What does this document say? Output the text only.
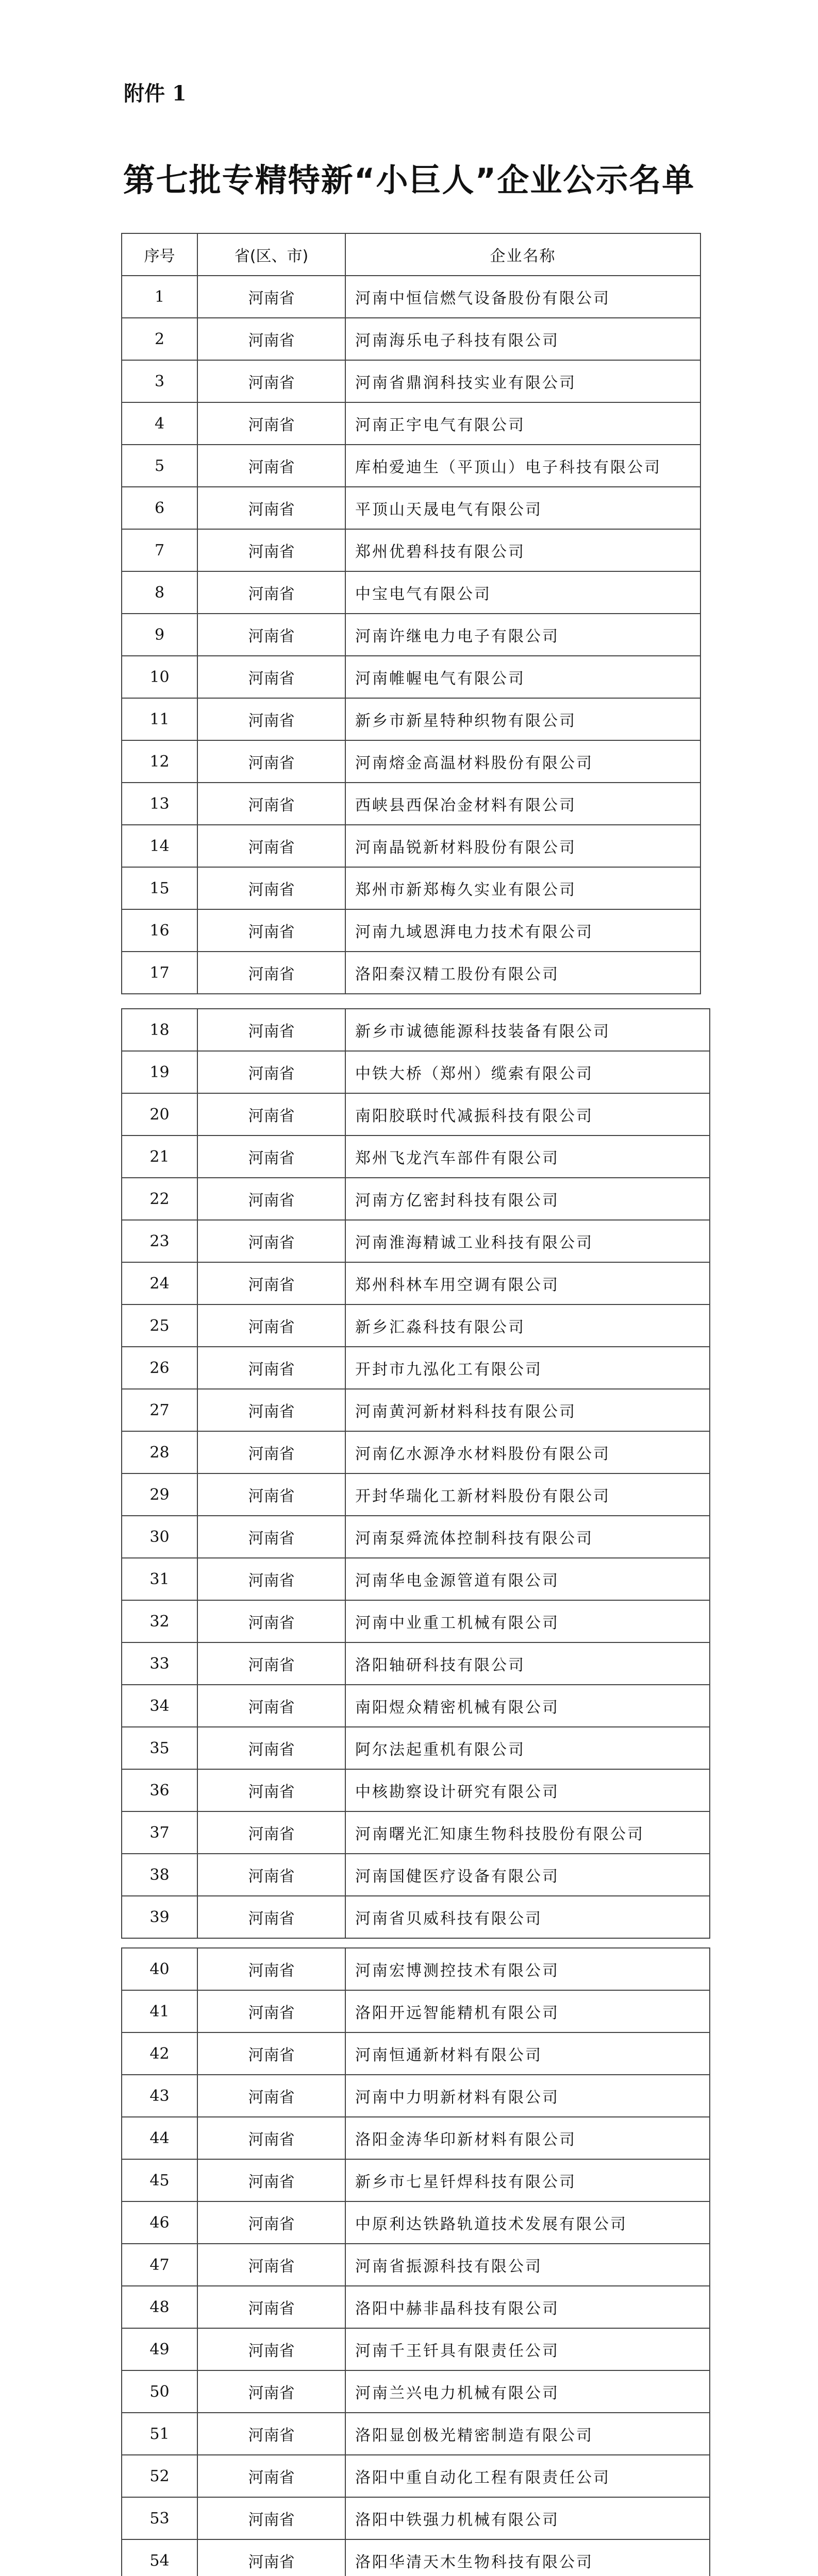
附件 1
第七批专精特新“小巨人”企业公示名单
序号	省(区、市)	企业名称
1	河南省	河南中恒信燃气设备股份有限公司
2	河南省	河南海乐电子科技有限公司
3	河南省	河南省鼎润科技实业有限公司
4	河南省	河南正宇电气有限公司
5	河南省	库柏爱迪生（平顶山）电子科技有限公司
6	河南省	平顶山天晟电气有限公司
7	河南省	郑州优碧科技有限公司
8	河南省	中宝电气有限公司
9	河南省	河南许继电力电子有限公司
10	河南省	河南帷幄电气有限公司
11	河南省	新乡市新星特种织物有限公司
12	河南省	河南熔金高温材料股份有限公司
13	河南省	西峡县西保冶金材料有限公司
14	河南省	河南晶锐新材料股份有限公司
15	河南省	郑州市新郑梅久实业有限公司
16	河南省	河南九域恩湃电力技术有限公司
17	河南省	洛阳秦汉精工股份有限公司
18	河南省	新乡市诚德能源科技装备有限公司
19	河南省	中铁大桥（郑州）缆索有限公司
20	河南省	南阳胶联时代减振科技有限公司
21	河南省	郑州飞龙汽车部件有限公司
22	河南省	河南方亿密封科技有限公司
23	河南省	河南淮海精诚工业科技有限公司
24	河南省	郑州科林车用空调有限公司
25	河南省	新乡汇淼科技有限公司
26	河南省	开封市九泓化工有限公司
27	河南省	河南黄河新材料科技有限公司
28	河南省	河南亿水源净水材料股份有限公司
29	河南省	开封华瑞化工新材料股份有限公司
30	河南省	河南泵舜流体控制科技有限公司
31	河南省	河南华电金源管道有限公司
32	河南省	河南中业重工机械有限公司
33	河南省	洛阳轴研科技有限公司
34	河南省	南阳煜众精密机械有限公司
35	河南省	阿尔法起重机有限公司
36	河南省	中核勘察设计研究有限公司
37	河南省	河南曙光汇知康生物科技股份有限公司
38	河南省	河南国健医疗设备有限公司
39	河南省	河南省贝威科技有限公司
40	河南省	河南宏博测控技术有限公司
41	河南省	洛阳开远智能精机有限公司
42	河南省	河南恒通新材料有限公司
43	河南省	河南中力明新材料有限公司
44	河南省	洛阳金涛华印新材料有限公司
45	河南省	新乡市七星钎焊科技有限公司
46	河南省	中原利达铁路轨道技术发展有限公司
47	河南省	河南省振源科技有限公司
48	河南省	洛阳中赫非晶科技有限公司
49	河南省	河南千王钎具有限责任公司
50	河南省	河南兰兴电力机械有限公司
51	河南省	洛阳显创极光精密制造有限公司
52	河南省	洛阳中重自动化工程有限责任公司
53	河南省	洛阳中铁强力机械有限公司
54	河南省	洛阳华清天木生物科技有限公司
